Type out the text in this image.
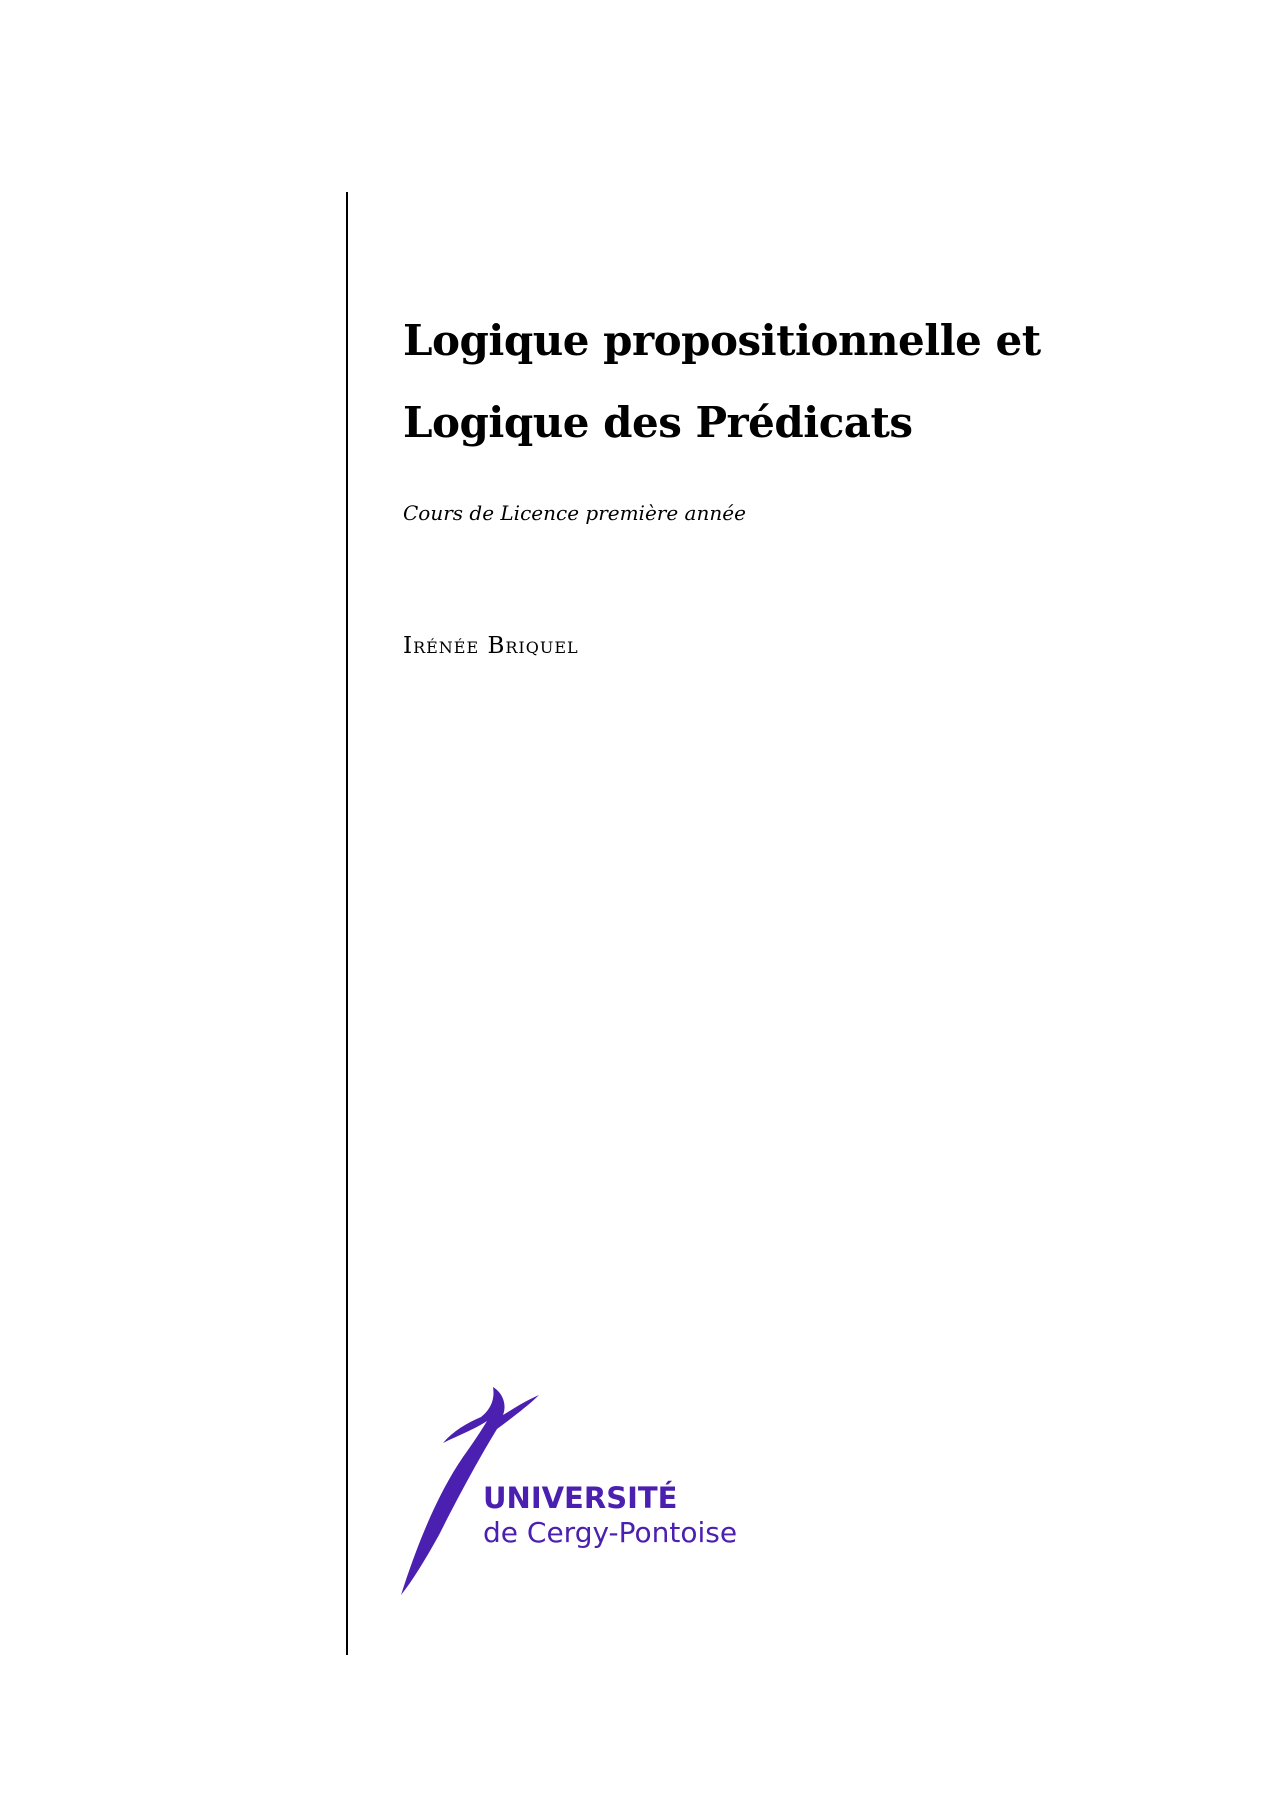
Logique propositionnelle et
Logique des Prédicats
Cours de Licence première année
Irénée Briquel
UNIVERSITÉ
de Cergy-Pontoise
